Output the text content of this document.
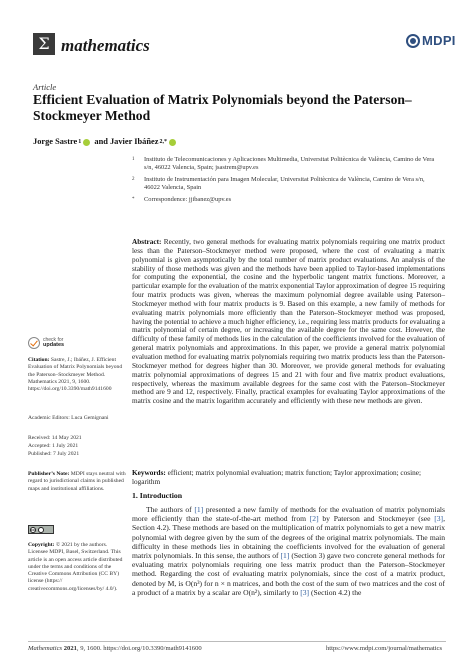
Σ mathematics	MDPI
Article
Efficient Evaluation of Matrix Polynomials beyond the Paterson–Stockmeyer Method
Jorge Sastre 1
and
Javier Ibáñez 2,*
1	Instituto de Telecomunicaciones y Aplicaciones Multimedia, Universitat Politècnica de València, Camino de Vera s/n, 46022 Valencia, Spain; jsastrem@upv.es
2	Instituto de Instrumentación para Imagen Molecular, Universitat Politècnica de València, Camino de Vera s/n, 46022 Valencia, Spain
*	Correspondence: jjibanez@upv.es
Abstract: Recently, two general methods for evaluating matrix polynomials requiring one matrix product less than the Paterson–Stockmeyer method were proposed, where the cost of evaluating a matrix polynomial is given asymptotically by the total number of matrix product evaluations. An analysis of the stability of those methods was given and the methods have been applied to Taylor-based implementations for computing the exponential, the cosine and the hyperbolic tangent matrix functions. Moreover, a particular example for the evaluation of the matrix exponential Taylor approximation of degree 15 requiring four matrix products was given, whereas the maximum polynomial degree available using Paterson–Stockmeyer method with four matrix products is 9. Based on this example, a new family of methods for evaluating matrix polynomials more efficiently than the Paterson–Stockmeyer method was proposed, having the potential to achieve a much higher efficiency, i.e., requiring less matrix products for evaluating a matrix polynomial of certain degree, or increasing the available degree for the same cost. However, the difficulty of these family of methods lies in the calculation of the coefficients involved for the evaluation of general matrix polynomials and approximations. In this paper, we provide a general matrix polynomial evaluation method for evaluating matrix polynomials requiring two matrix products less than the Paterson-Stockmeyer method for degrees higher than 30. Moreover, we provide general methods for evaluating matrix polynomial approximations of degrees 15 and 21 with four and five matrix product evaluations, respectively, whereas the maximum available degrees for the same cost with the Paterson–Stockmeyer method are 9 and 12, respectively. Finally, practical examples for evaluating Taylor approximations of the matrix cosine and the matrix logarithm accurately and efficiently with these new methods are given.
Keywords: efficient; matrix polynomial evaluation; matrix function; Taylor approximation; cosine; logarithm
check for
updates
Citation: Sastre, J.; Ibáñez, J. Efficient Evaluation of Matrix Polynomials beyond the Paterson–Stockmeyer Method. Mathematics 2021, 9, 1600. https://doi.org/10.3390/math9141600
Academic Editors: Luca Gemignani
Received: 14 May 2021
Accepted: 1 July 2021
Published: 7 July 2021
Publisher’s Note: MDPI stays neutral with regard to jurisdictional claims in published maps and institutional affiliations.
cc
Copyright: © 2021 by the authors. Licensee MDPI, Basel, Switzerland. This article is an open access article distributed under the terms and conditions of the Creative Commons Attribution (CC BY) license (https:// creativecommons.org/licenses/by/ 4.0/).
1. Introduction
The authors of [1] presented a new family of methods for the evaluation of matrix polynomials more efficiently than the state-of-the-art method from [2] by Paterson and Stockmeyer (see [3], Section 4.2). These methods are based on the multiplication of matrix polynomials to get a new matrix polynomial with degree given by the sum of the degrees of the original matrix polynomials. The main difficulty in these methods lies in obtaining the coefficients involved for the evaluation of general matrix polynomials. In this sense, the authors of [1] (Section 3) gave two concrete general methods for evaluating matrix polynomials requiring one less matrix product than the Paterson–Stockmeyer method. Regarding the cost of evaluating matrix polynomials, since the cost of a matrix product, denoted by M, is O(n³) for n × n matrices, and both the cost of the sum of two matrices and the cost of a product of a matrix by a scalar are O(n²), similarly to [3] (Section 4.2) the
Mathematics 2021, 9, 1600. https://doi.org/10.3390/math9141600	https://www.mdpi.com/journal/mathematics
